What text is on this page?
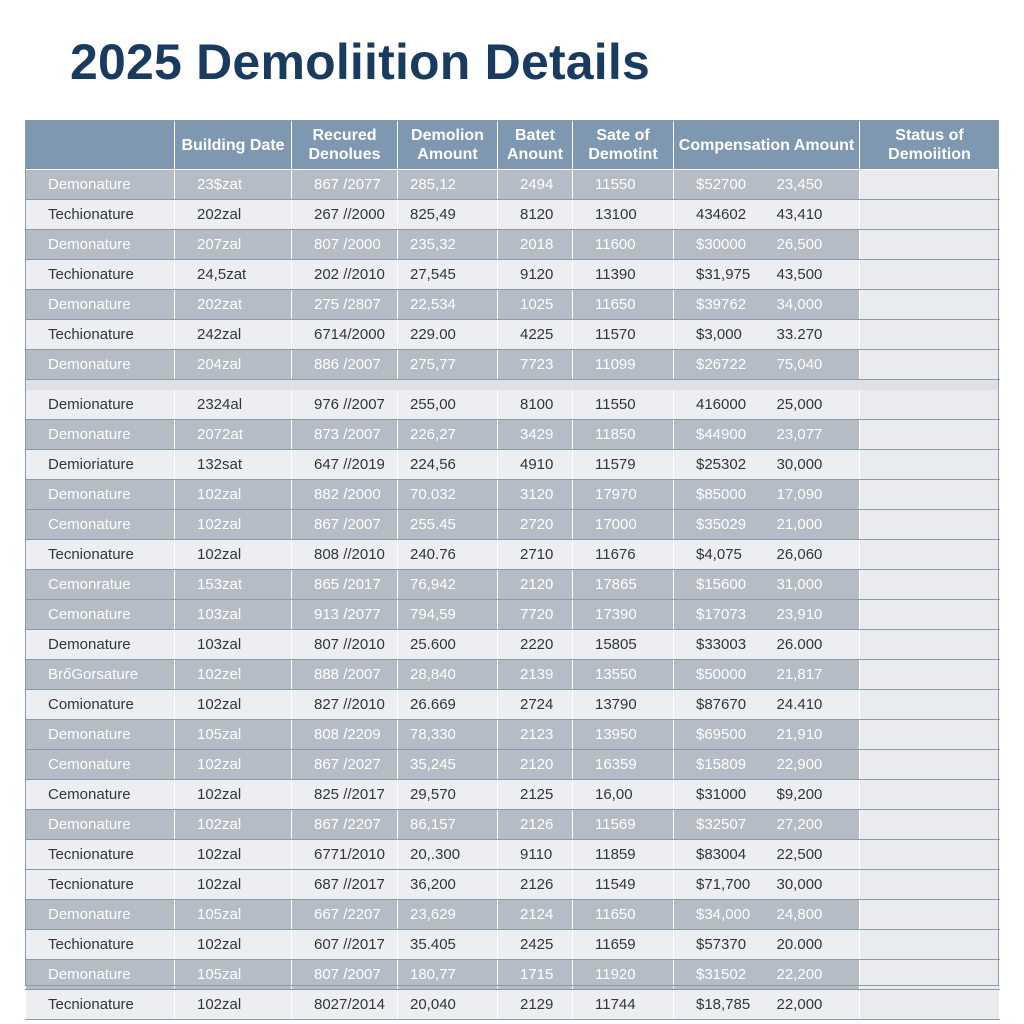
2025 Demoliition Details
	Building Date	Recured Denolues	Demolion Amount	Batet Anount	Sate of Demotint	Compensation Amount		Status of Demoiition
Demonature	23$zat	867 /2077	285,12	2494	11550	$52700	23,450	
Techionature	202zal	267 //2000	825,49	8120	13100	434602	43,410	
Demonature	207zal	807 /2000	235,32	2018	11600	$30000	26,500	
Techionature	24,5zat	202 //2010	27,545	9120	11390	$31,975	43,500	
Demonature	202zat	275 /2807	22,534	1025	11650	$39762	34,000	
Techionature	242zal	6714/2000	229.00	4225	11570	$3,000	33.270	
Demonature	204zal	886 /2007	275,77	7723	11099	$26722	75,040	

Demionature	2324al	976 //2007	255,00	8100	11550	416000	25,000	
Demonature	2072at	873 /2007	226,27	3429	11850	$44900	23,077	
Demioriature	132sat	647 //2019	224,56	4910	11579	$25302	30,000	
Demonature	102zal	882 /2000	70.032	3120	17970	$85000	17,090	
Cemonature	102zal	867 /2007	255.45	2720	17000	$35029	21,000	
Tecnionature	102zal	808 //2010	240.76	2710	11676	$4,075	26,060	
Cemonratue	153zat	865 /2017	76,942	2120	17865	$15600	31,000	
Cemonature	103zal	913 /2077	794,59	7720	17390	$17073	23,910	
Demonature	103zal	807 //2010	25.600	2220	15805	$33003	26.000	
BrőGorsature	102zel	888 /2007	28,840	2139	13550	$50000	21,817	
Comionature	102zal	827 //2010	26.669	2724	13790	$87670	24.410	
Demonature	105zal	808 /2209	78,330	2123	13950	$69500	21,910	
Cemonature	102zal	867 /2027	35,245	2120	16359	$15809	22,900	
Cemonature	102zal	825 //2017	29,570	2125	16,00	$31000	$9,200	
Demonature	102zal	867 /2207	86,157	2126	11569	$32507	27,200	
Tecnionature	102zal	6771/2010	20,.300	9110	11859	$83004	22,500	
Tecnionature	102zal	687 //2017	36,200	2126	11549	$71,700	30,000	
Demonature	105zal	667 /2207	23,629	2124	11650	$34,000	24,800	
Techionature	102zal	607 //2017	35.405	2425	11659	$57370	20.000	
Demonature	105zal	807 /2007	180,77	1715	11920	$31502	22,200	
Tecnionature	102zal	8027/2014	20,040	2129	11744	$18,785	22,000	
